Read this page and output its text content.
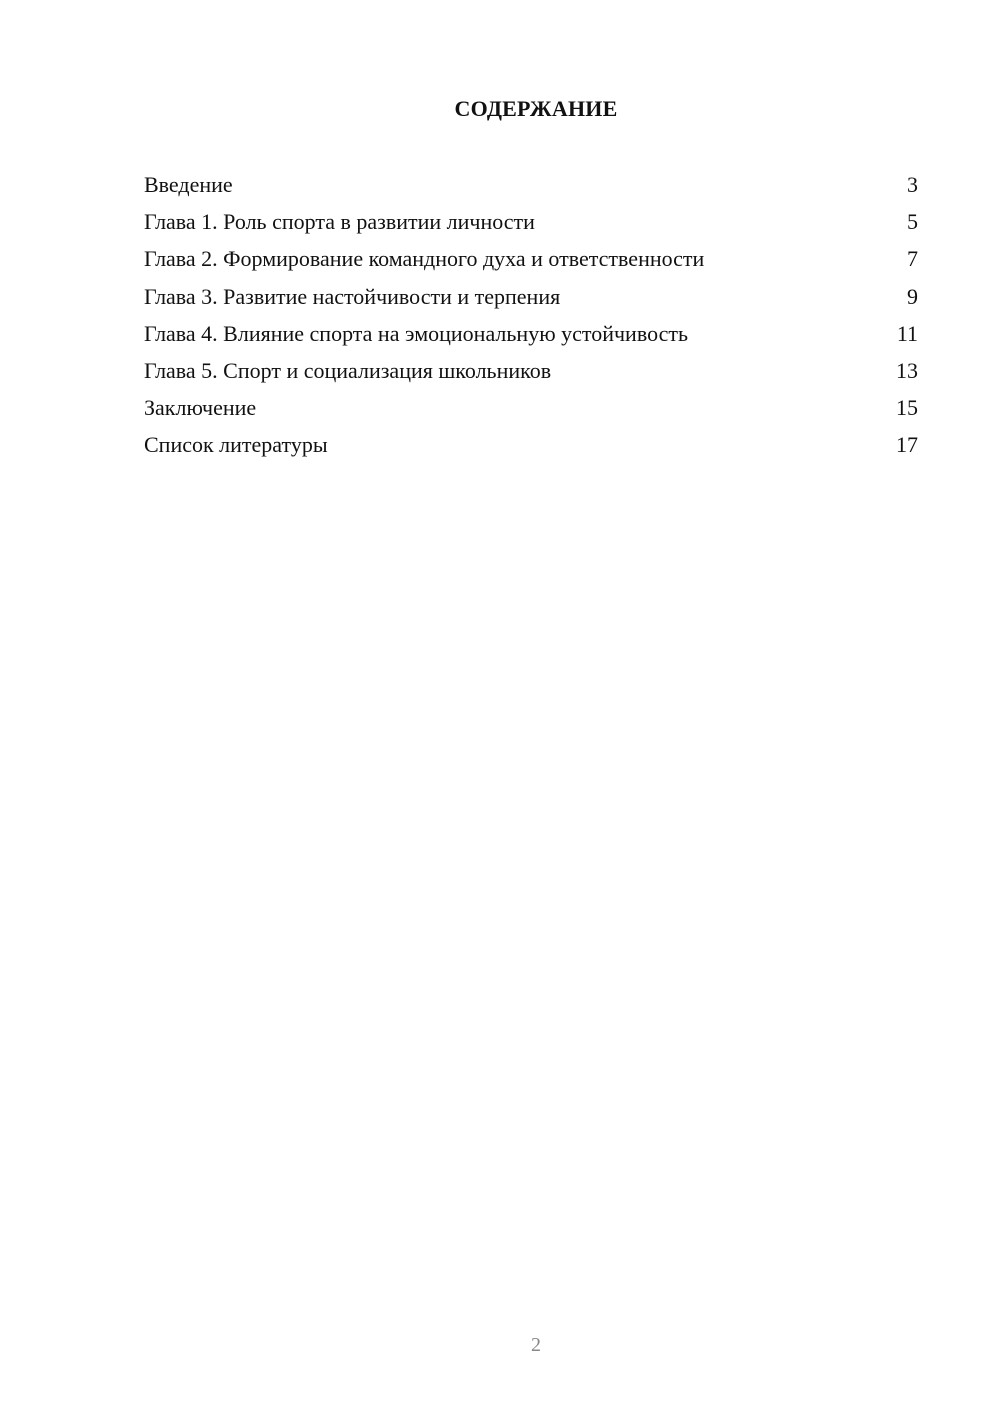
СОДЕРЖАНИЕ
Введение	3
Глава 1. Роль спорта в развитии личности	5
Глава 2. Формирование командного духа и ответственности	7
Глава 3. Развитие настойчивости и терпения	9
Глава 4. Влияние спорта на эмоциональную устойчивость	11
Глава 5. Спорт и социализация школьников	13
Заключение	15
Список литературы	17
2
